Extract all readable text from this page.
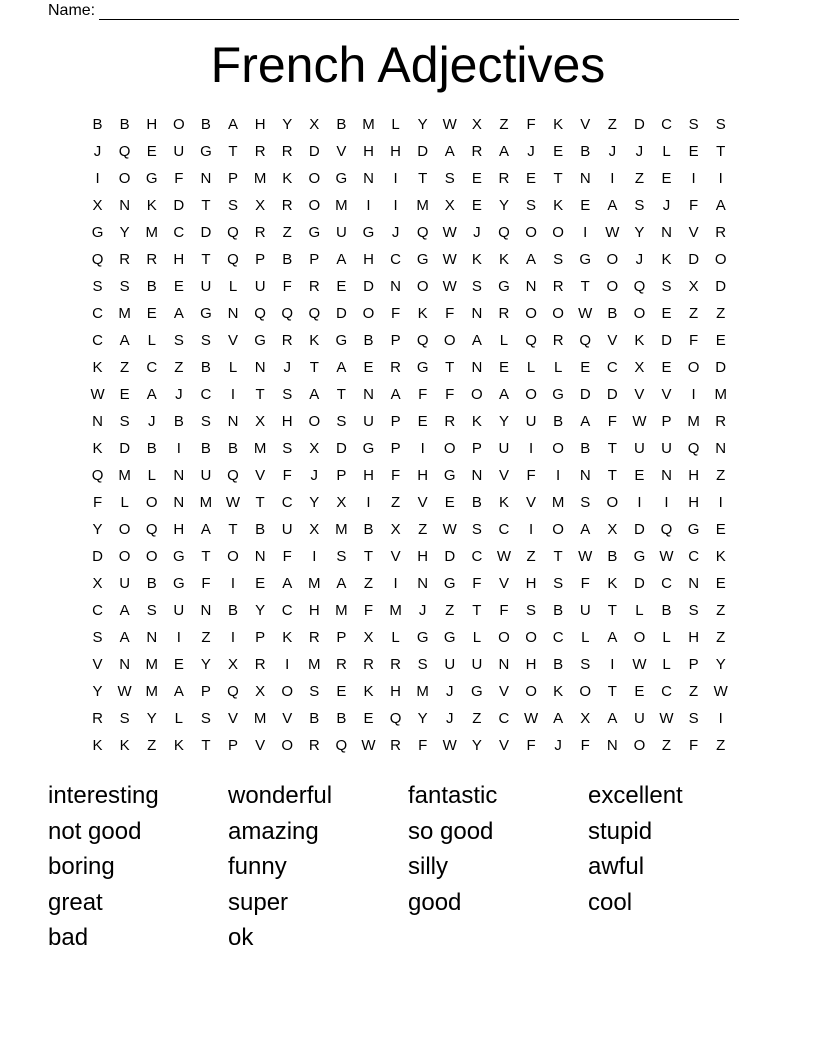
Name:
French Adjectives
B	B	H	O	B	A	H	Y	X	B	M	L	Y	W	X	Z	F	K	V	Z	D	C	S	S
J	Q	E	U	G	T	R	R	D	V	H	H	D	A	R	A	J	E	B	J	J	L	E	T
I	O	G	F	N	P	M	K	O	G	N	I	T	S	E	R	E	T	N	I	Z	E	I	I
X	N	K	D	T	S	X	R	O	M	I	I	M	X	E	Y	S	K	E	A	S	J	F	A
G	Y	M	C	D	Q	R	Z	G	U	G	J	Q W	J	Q	O	O	I	W	Y	N	V	R
Q	R	R	H	T	Q	P	B	P	A	H	C	G W	K	K	A	S	G	O	J	K	D	O
S	S	B	E	U	L	U	F	R	E	D	N	O W	S	G	N	R	T	O	Q	S	X	D
C	M	E	A	G	N	Q	Q	Q	D	O	F	K	F	N	R	O	O W	B	O	E	Z	Z
C	A	L	S	S	V	G	R	K	G	B	P	Q	O	A	L	Q	R	Q	V	K	D	F	E
K	Z	C	Z	B	L	N	J	T	A	E	R	G	T	N	E	L	L	E	C	X	E	O	D
W	E	A	J	C	I	T	S	A	T	N	A	F	F	O	A	O	G	D	D	V	V	I	M
N	S	J	B	S	N	X	H	O	S	U	P	E	R	K	Y	U	B	A	F	W	P	M	R
K	D	B	I	B	B	M	S	X	D	G	P	I	O	P	U	I	O	B	T	U	U	Q	N
Q	M	L	N	U	Q	V	F	J	P	H	F	H	G	N	V	F	I	N	T	E	N	H	Z
F	L	O	N	M W	T	C	Y	X	I	Z	V	E	B	K	V	M	S	O	I	I	H	I
Y	O	Q	H	A	T	B	U	X	M	B	X	Z	W	S	C	I	O	A	X	D	Q	G	E
D	O	O	G	T	O	N	F	I	S	T	V	H	D	C W	Z	T	W	B	G W C	K
X	U	B	G	F	I	E	A	M	A	Z	I	N	G	F	V	H	S	F	K	D	C	N	E
C	A	S	U	N	B	Y	C	H	M	F	M	J	Z	T	F	S	B	U	T	L	B	S	Z
S	A	N	I	Z	I	P	K	R	P	X	L	G	G	L	O	O	C	L	A	O	L	H	Z
V	N	M	E	Y	X	R	I	M	R	R	R	S	U	U	N	H	B	S	I	W	L	P	Y
Y	W M	A	P	Q	X	O	S	E	K	H	M	J	G	V	O	K	O	T	E	C	Z	W
R	S	Y	L	S	V	M	V	B	B	E	Q	Y	J	Z	C W	A	X	A	U W	S	I
K	K	Z	K	T	P	V	O	R	Q W R	F	W	Y	V	F	J	F	N	O	Z	F	Z
interesting	wonderful	fantastic	excellent
not good	amazing	so good	stupid
boring	funny	silly	awful
great	super	good	cool
bad	ok
